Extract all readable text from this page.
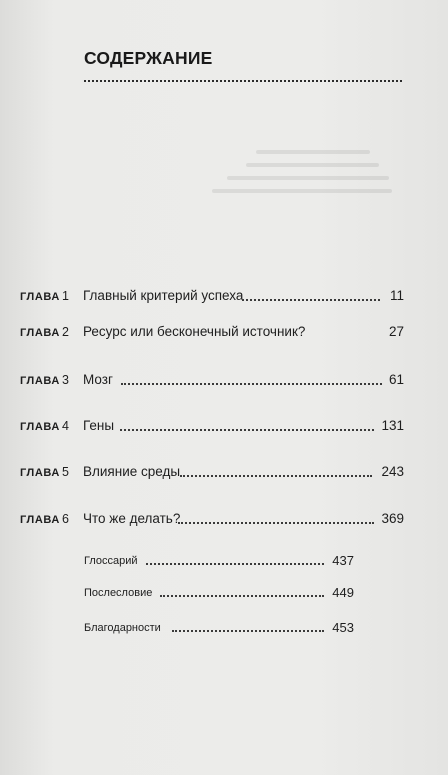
СОДЕРЖАНИЕ
ГЛАВА 1 Главный критерий успеха	11
ГЛАВА 2 Ресурс или бесконечный источник?	27
ГЛАВА 3 Мозг	61
ГЛАВА 4 Гены	131
ГЛАВА 5 Влияние среды	243
ГЛАВА 6 Что же делать?	369
Глоссарий	437
Послесловие	449
Благодарности	453
